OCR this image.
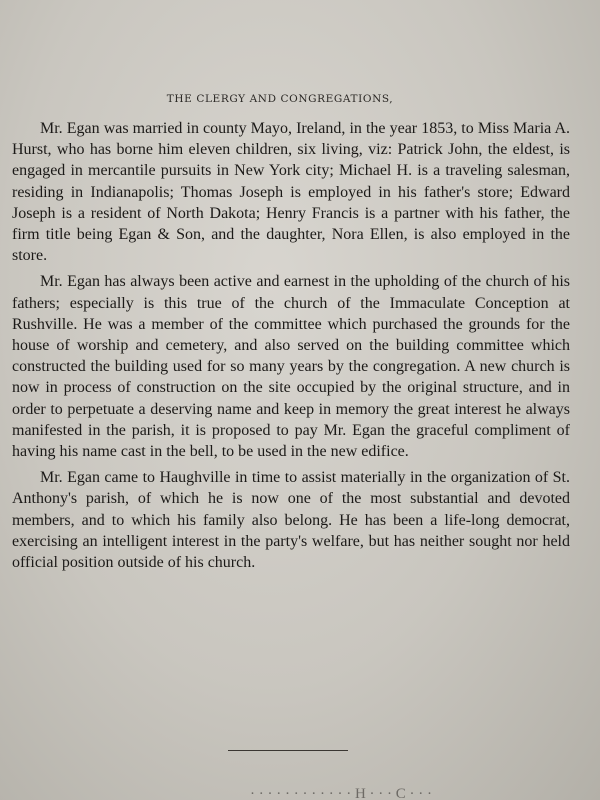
THE CLERGY AND CONGREGATIONS,

Mr. Egan was married in county Mayo, Ireland, in the year 1853, to Miss Maria A. Hurst, who has borne him eleven children, six living, viz: Patrick John, the eldest, is engaged in mercantile pursuits in New York city; Michael H. is a traveling salesman, residing in Indianapolis; Thomas Joseph is employed in his father's store; Edward Joseph is a resident of North Dakota; Henry Francis is a partner with his father, the firm title being Egan & Son, and the daughter, Nora Ellen, is also employed in the store.

Mr. Egan has always been active and earnest in the upholding of the church of his fathers; especially is this true of the church of the Immaculate Conception at Rushville. He was a member of the committee which purchased the grounds for the house of worship and cemetery, and also served on the building committee which constructed the building used for so many years by the congregation. A new church is now in process of construction on the site occupied by the original structure, and in order to perpetuate a deserving name and keep in memory the great interest he always manifested in the parish, it is proposed to pay Mr. Egan the graceful compliment of having his name cast in the bell, to be used in the new edifice.

Mr. Egan came to Haughville in time to assist materially in the organization of St. Anthony's parish, of which he is now one of the most substantial and devoted members, and to which his family also belong. He has been a life-long democrat, exercising an intelligent interest in the party's welfare, but has neither sought nor held official position outside of his church.

· · · · · · · · · · · · H · · · C · · ·
